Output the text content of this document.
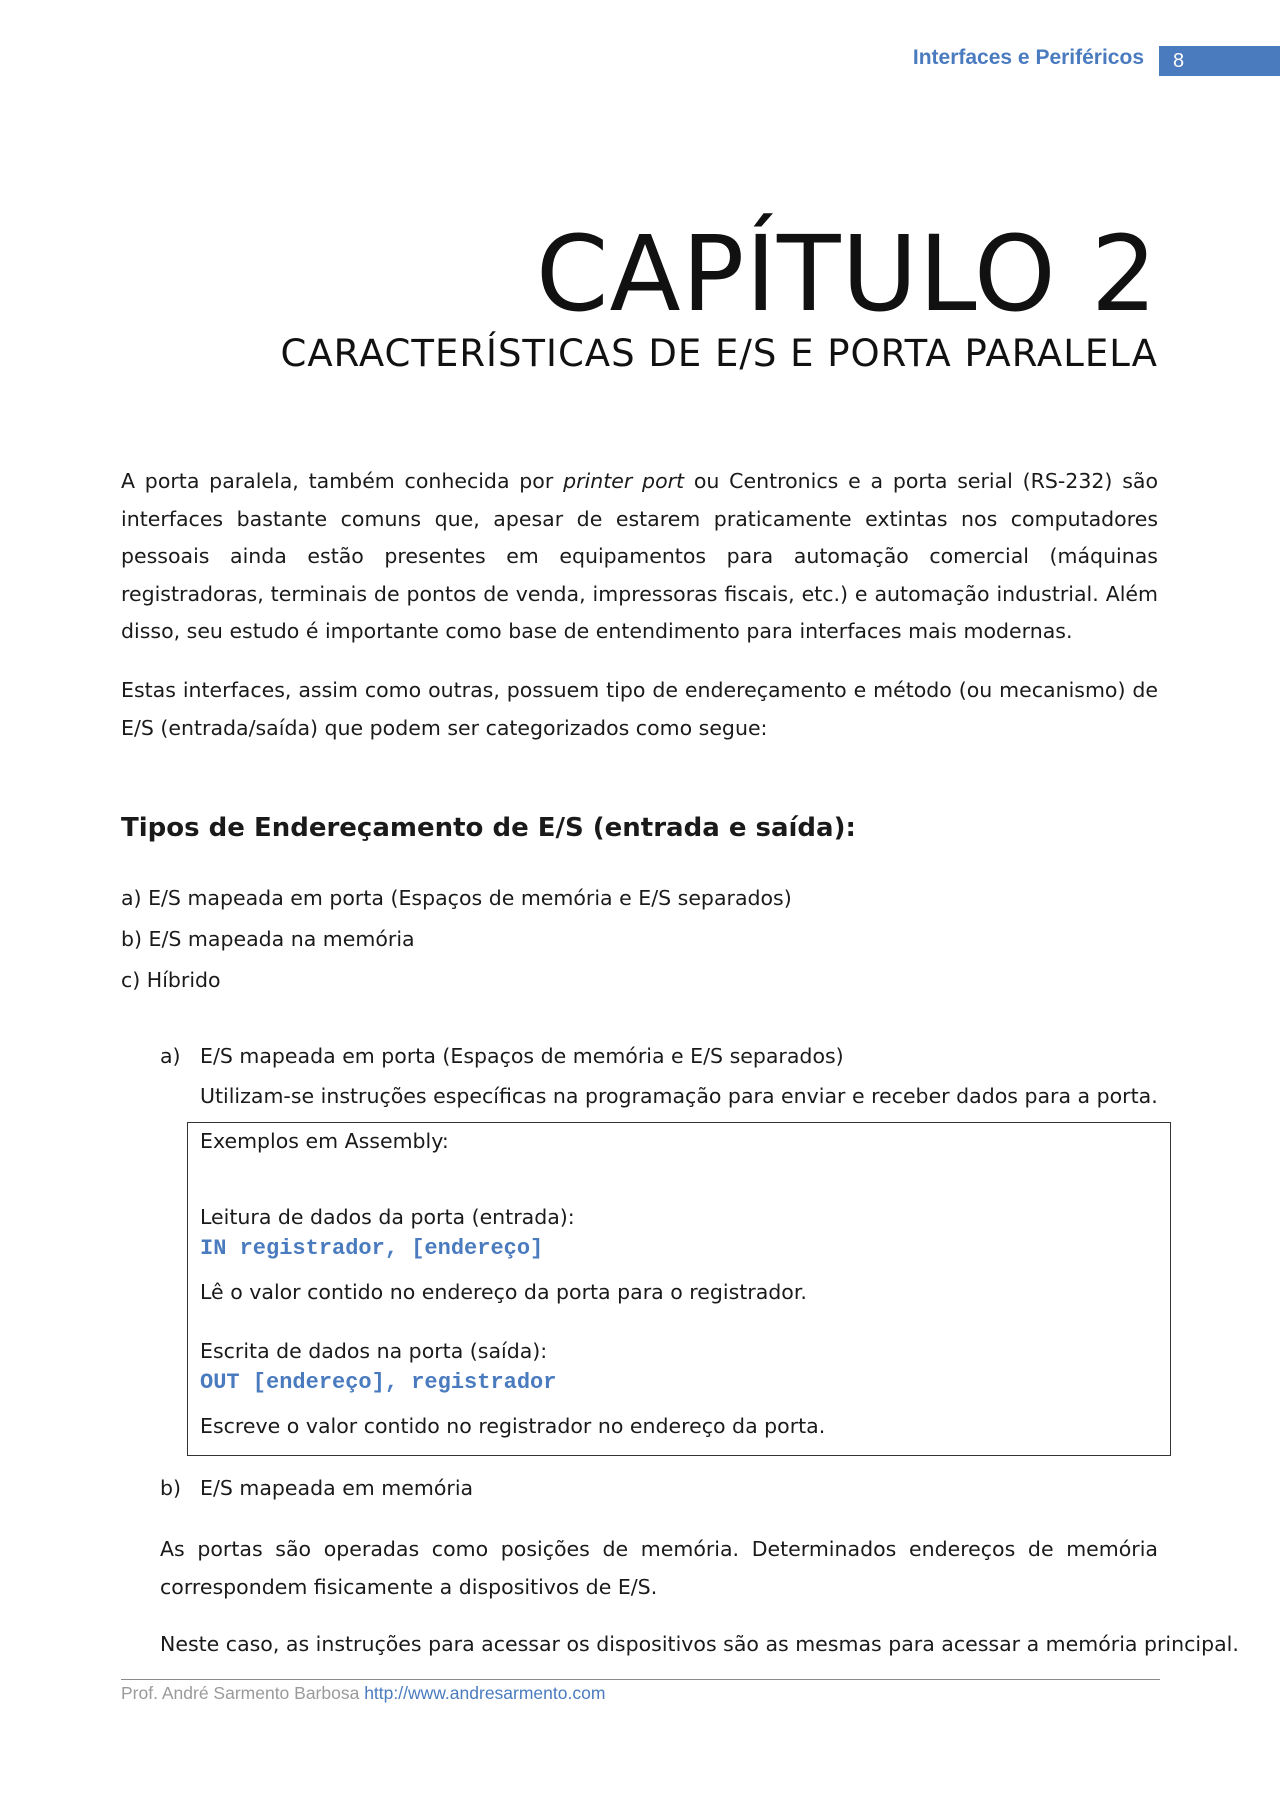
Interfaces e Periféricos	8
CAPÍTULO 2
CARACTERÍSTICAS DE E/S E PORTA PARALELA
A porta paralela, também conhecida por printer port ou Centronics e a porta serial (RS-232) são interfaces bastante comuns que, apesar de estarem praticamente extintas nos computadores pessoais ainda estão presentes em equipamentos para automação comercial (máquinas registradoras, terminais de pontos de venda, impressoras fiscais, etc.) e automação industrial. Além disso, seu estudo é importante como base de entendimento para interfaces mais modernas.
Estas interfaces, assim como outras, possuem tipo de endereçamento e método (ou mecanismo) de E/S (entrada/saída) que podem ser categorizados como segue:
Tipos de Endereçamento de E/S (entrada e saída):
a) E/S mapeada em porta (Espaços de memória e E/S separados)
b) E/S mapeada na memória
c) Híbrido
a) E/S mapeada em porta (Espaços de memória e E/S separados)
Utilizam-se instruções específicas na programação para enviar e receber dados para a porta.
Exemplos em Assembly:
Leitura de dados da porta (entrada):
IN registrador, [endereço]
Lê o valor contido no endereço da porta para o registrador.
Escrita de dados na porta (saída):
OUT [endereço], registrador
Escreve o valor contido no registrador no endereço da porta.
b) E/S mapeada em memória
As portas são operadas como posições de memória. Determinados endereços de memória correspondem fisicamente a dispositivos de E/S.
Neste caso, as instruções para acessar os dispositivos são as mesmas para acessar a memória principal.
Prof. André Sarmento Barbosa http://www.andresarmento.com
